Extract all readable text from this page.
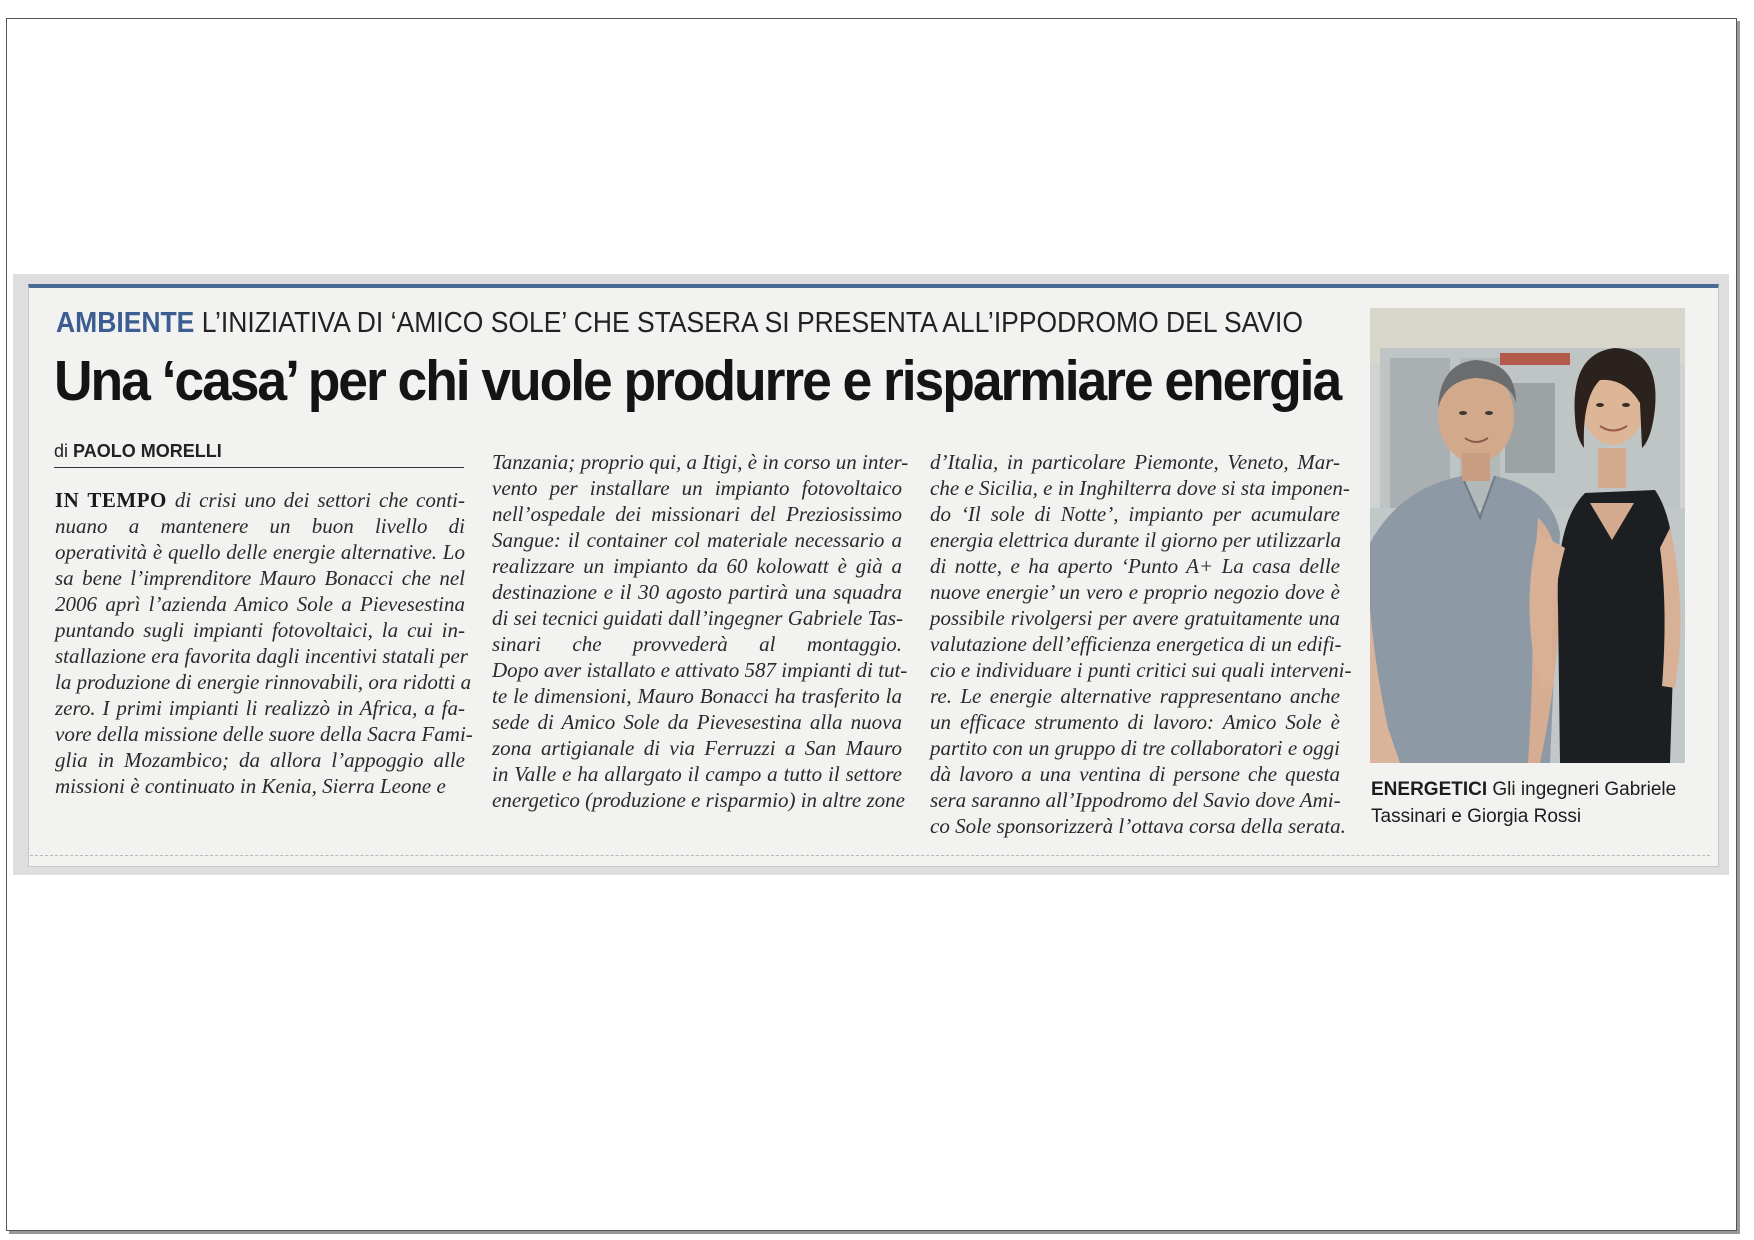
AMBIENTE L’INIZIATIVA DI ‘AMICO SOLE’ CHE STASERA SI PRESENTA ALL’IPPODROMO DEL SAVIO
Una ‘casa’ per chi vuole produrre e risparmiare energia
di PAOLO MORELLI
IN TEMPO di crisi uno dei settori che conti-
nuano a mantenere un buon livello di
operatività è quello delle energie alternative. Lo
sa bene l’imprenditore Mauro Bonacci che nel
2006 aprì l’azienda Amico Sole a Pievesestina
puntando sugli impianti fotovoltaici, la cui in-
stallazione era favorita dagli incentivi statali per
la produzione di energie rinnovabili, ora ridotti a
zero. I primi impianti li realizzò in Africa, a fa-
vore della missione delle suore della Sacra Fami-
glia in Mozambico; da allora l’appoggio alle
missioni è continuato in Kenia, Sierra Leone e
Tanzania; proprio qui, a Itigi, è in corso un inter-
vento per installare un impianto fotovoltaico
nell’ospedale dei missionari del Preziosissimo
Sangue: il container col materiale necessario a
realizzare un impianto da 60 kolowatt è già a
destinazione e il 30 agosto partirà una squadra
di sei tecnici guidati dall’ingegner Gabriele Tas-
sinari che provvederà al montaggio.
Dopo aver istallato e attivato 587 impianti di tut-
te le dimensioni, Mauro Bonacci ha trasferito la
sede di Amico Sole da Pievesestina alla nuova
zona artigianale di via Ferruzzi a San Mauro
in Valle e ha allargato il campo a tutto il settore
energetico (produzione e risparmio) in altre zone
d’Italia, in particolare Piemonte, Veneto, Mar-
che e Sicilia, e in Inghilterra dove si sta imponen-
do ‘Il sole di Notte’, impianto per acumulare
energia elettrica durante il giorno per utilizzarla
di notte, e ha aperto ‘Punto A+ La casa delle
nuove energie’ un vero e proprio negozio dove è
possibile rivolgersi per avere gratuitamente una
valutazione dell’efficienza energetica di un edifi-
cio e individuare i punti critici sui quali interveni-
re. Le energie alternative rappresentano anche
un efficace strumento di lavoro: Amico Sole è
partito con un gruppo di tre collaboratori e oggi
dà lavoro a una ventina di persone che questa
sera saranno all’Ippodromo del Savio dove Ami-
co Sole sponsorizzerà l’ottava corsa della serata.
ENERGETICI Gli ingegneri Gabriele Tassinari e Giorgia Rossi
